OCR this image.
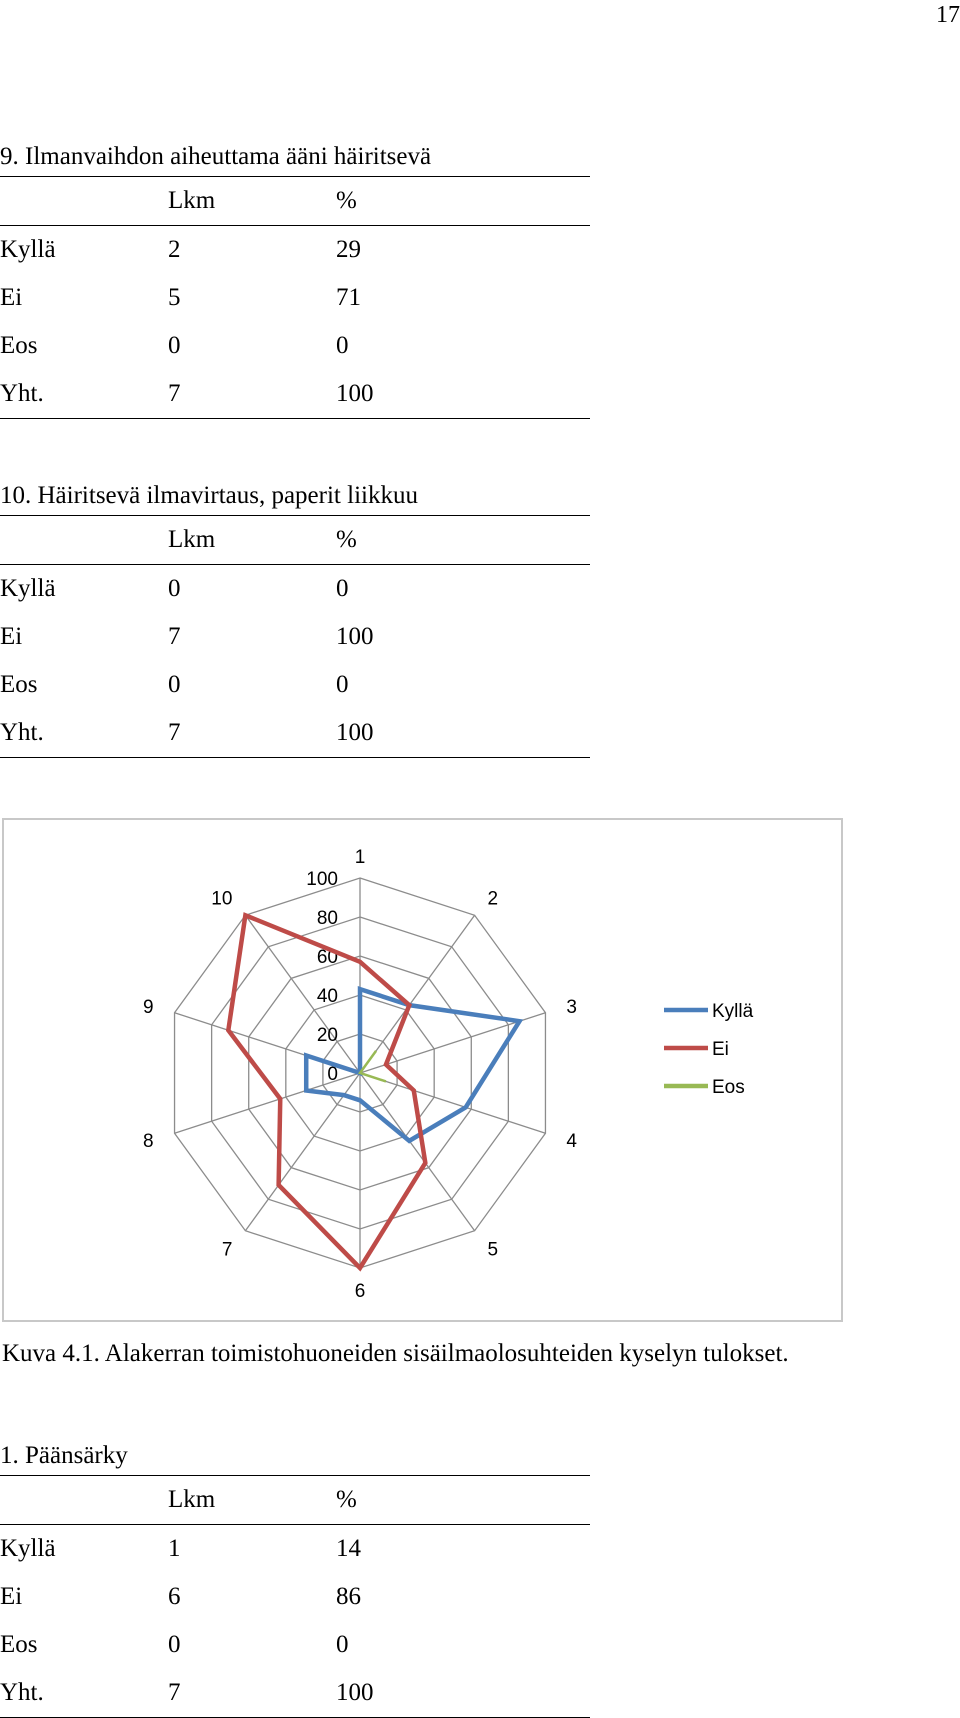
17
9. Ilmanvaihdon aiheuttama ääni häiritsevä
Lkm	%
Kyllä	2	29
Ei	5	71
Eos	0	0
Yht.	7	100
10. Häiritsevä ilmavirtaus, paperit liikkuu
Lkm	%
Kyllä	0	0
Ei	7	100
Eos	0	0
Yht.	7	100
0
20
40
60
80
100
1
2
3
4
5
6
7
8
9
10
Kyllä
Ei
Eos
Kuva 4.1. Alakerran toimistohuoneiden sisäilmaolosuhteiden kyselyn tulokset.
1. Päänsärky
Lkm	%
Kyllä	1	14
Ei	6	86
Eos	0	0
Yht.	7	100
